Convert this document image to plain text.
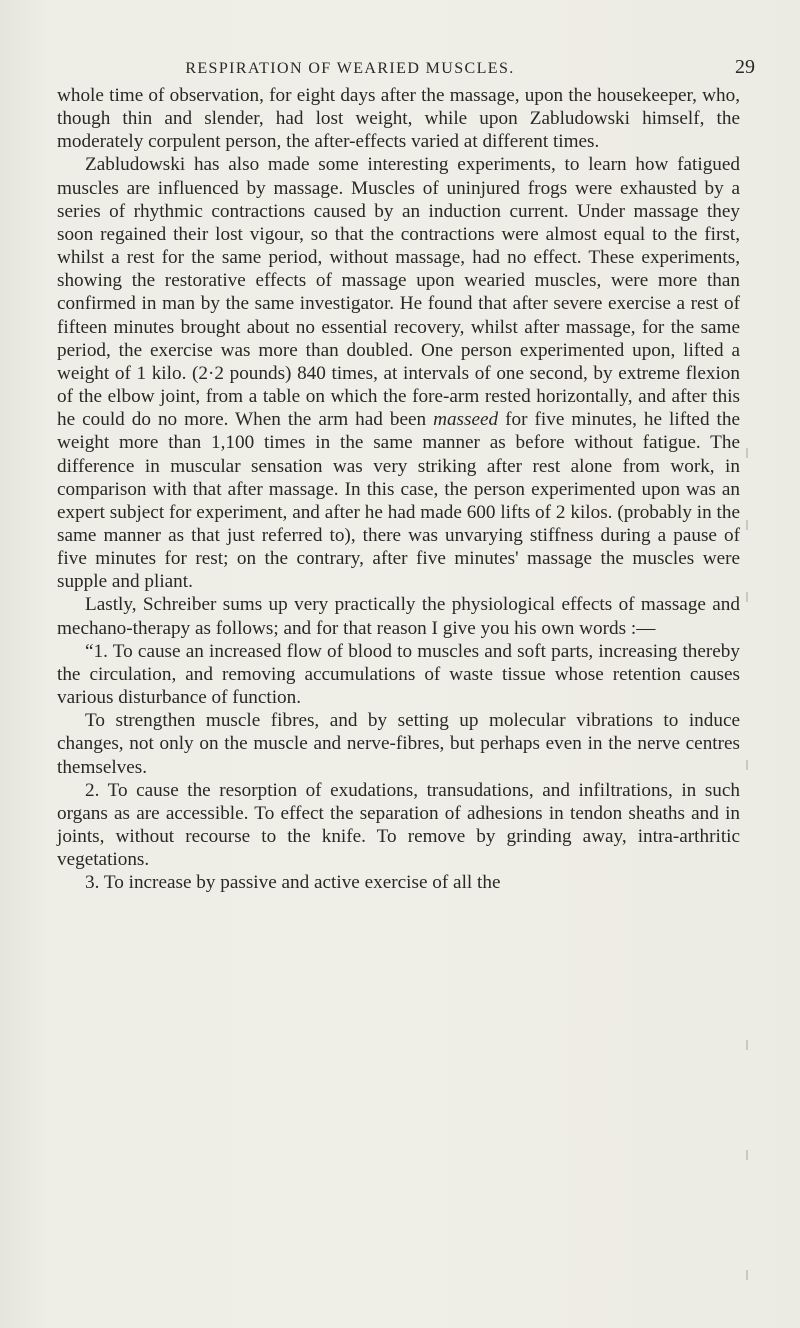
RESPIRATION OF WEARIED MUSCLES.	29

whole time of observation, for eight days after the massage, upon the housekeeper, who, though thin and slender, had lost weight, while upon Zabludowski himself, the moderately corpulent person, the after-effects varied at different times.

Zabludowski has also made some interesting experiments, to learn how fatigued muscles are influenced by massage. Muscles of uninjured frogs were exhausted by a series of rhythmic contractions caused by an induction current. Under massage they soon regained their lost vigour, so that the contractions were almost equal to the first, whilst a rest for the same period, without massage, had no effect. These experiments, showing the restorative effects of massage upon wearied muscles, were more than confirmed in man by the same investigator. He found that after severe exercise a rest of fifteen minutes brought about no essential recovery, whilst after massage, for the same period, the exercise was more than doubled. One person experimented upon, lifted a weight of 1 kilo. (2·2 pounds) 840 times, at intervals of one second, by extreme flexion of the elbow joint, from a table on which the fore-arm rested horizontally, and after this he could do no more. When the arm had been masseed for five minutes, he lifted the weight more than 1,100 times in the same manner as before without fatigue. The difference in muscular sensation was very striking after rest alone from work, in comparison with that after massage. In this case, the person experimented upon was an expert subject for experiment, and after he had made 600 lifts of 2 kilos. (probably in the same manner as that just referred to), there was unvarying stiffness during a pause of five minutes for rest; on the contrary, after five minutes' massage the muscles were supple and pliant.

Lastly, Schreiber sums up very practically the physiological effects of massage and mechano-therapy as follows; and for that reason I give you his own words :—

“1. To cause an increased flow of blood to muscles and soft parts, increasing thereby the circulation, and removing accumulations of waste tissue whose retention causes various disturbance of function.

To strengthen muscle fibres, and by setting up molecular vibrations to induce changes, not only on the muscle and nerve-fibres, but perhaps even in the nerve centres themselves.

2. To cause the resorption of exudations, transudations, and infiltrations, in such organs as are accessible. To effect the separation of adhesions in tendon sheaths and in joints, without recourse to the knife. To remove by grinding away, intra-arthritic vegetations.

3. To increase by passive and active exercise of all the
